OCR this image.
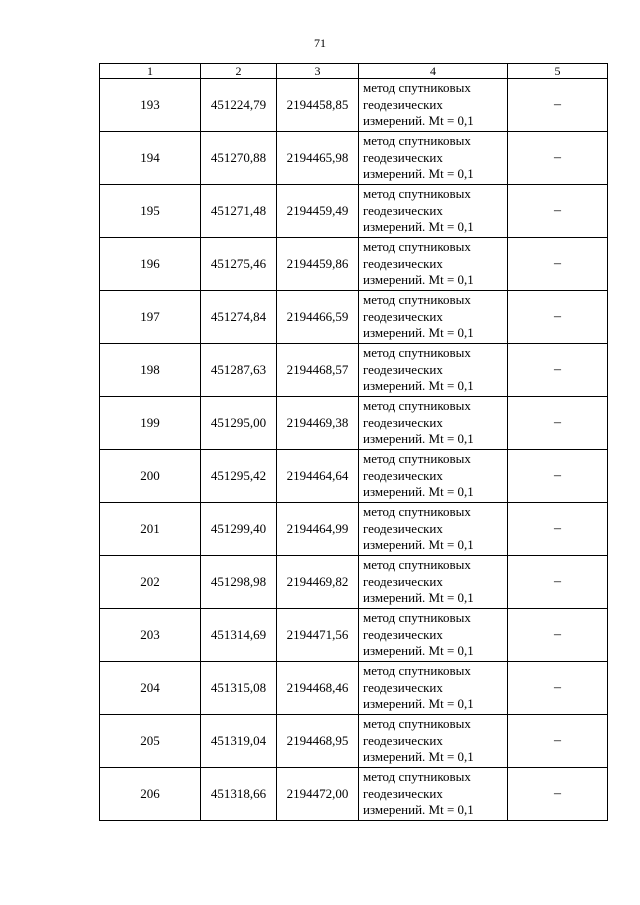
71
1	2	3	4	5
193	451224,79	2194458,85	метод спутниковых
геодезических
измерений. Mt = 0,1	–
194	451270,88	2194465,98	метод спутниковых
геодезических
измерений. Mt = 0,1	–
195	451271,48	2194459,49	метод спутниковых
геодезических
измерений. Mt = 0,1	–
196	451275,46	2194459,86	метод спутниковых
геодезических
измерений. Mt = 0,1	–
197	451274,84	2194466,59	метод спутниковых
геодезических
измерений. Mt = 0,1	–
198	451287,63	2194468,57	метод спутниковых
геодезических
измерений. Mt = 0,1	–
199	451295,00	2194469,38	метод спутниковых
геодезических
измерений. Mt = 0,1	–
200	451295,42	2194464,64	метод спутниковых
геодезических
измерений. Mt = 0,1	–
201	451299,40	2194464,99	метод спутниковых
геодезических
измерений. Mt = 0,1	–
202	451298,98	2194469,82	метод спутниковых
геодезических
измерений. Mt = 0,1	–
203	451314,69	2194471,56	метод спутниковых
геодезических
измерений. Mt = 0,1	–
204	451315,08	2194468,46	метод спутниковых
геодезических
измерений. Mt = 0,1	–
205	451319,04	2194468,95	метод спутниковых
геодезических
измерений. Mt = 0,1	–
206	451318,66	2194472,00	метод спутниковых
геодезических
измерений. Mt = 0,1	–
